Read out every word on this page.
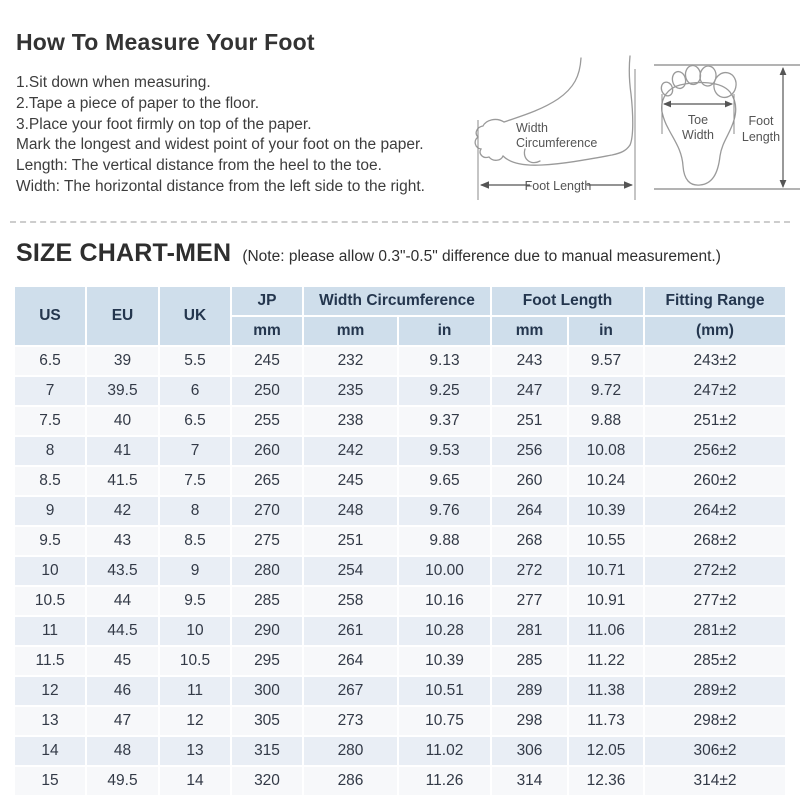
How To Measure Your Foot

1.Sit down when measuring.

2.Tape a piece of paper to the floor.

3.Place your foot firmly on top of the paper.

Mark the longest and widest point of your foot on the paper.

Length: The vertical distance from the heel to the toe.

Width: The horizontal distance from the left side to the right.

Width
Circumference
Foot Length
Toe
Width
Foot
Length
SIZE CHART-MEN (Note: please allow 0.3"-0.5" difference due to manual measurement.)
US	EU	UK	JP	Width Circumference		Foot Length		Fitting Range
			mm	mm	in	mm	in	(mm)
6.5	39	5.5	245	232	9.13	243	9.57	243±2
7	39.5	6	250	235	9.25	247	9.72	247±2
7.5	40	6.5	255	238	9.37	251	9.88	251±2
8	41	7	260	242	9.53	256	10.08	256±2
8.5	41.5	7.5	265	245	9.65	260	10.24	260±2
9	42	8	270	248	9.76	264	10.39	264±2
9.5	43	8.5	275	251	9.88	268	10.55	268±2
10	43.5	9	280	254	10.00	272	10.71	272±2
10.5	44	9.5	285	258	10.16	277	10.91	277±2
11	44.5	10	290	261	10.28	281	11.06	281±2
11.5	45	10.5	295	264	10.39	285	11.22	285±2
12	46	11	300	267	10.51	289	11.38	289±2
13	47	12	305	273	10.75	298	11.73	298±2
14	48	13	315	280	11.02	306	12.05	306±2
15	49.5	14	320	286	11.26	314	12.36	314±2
